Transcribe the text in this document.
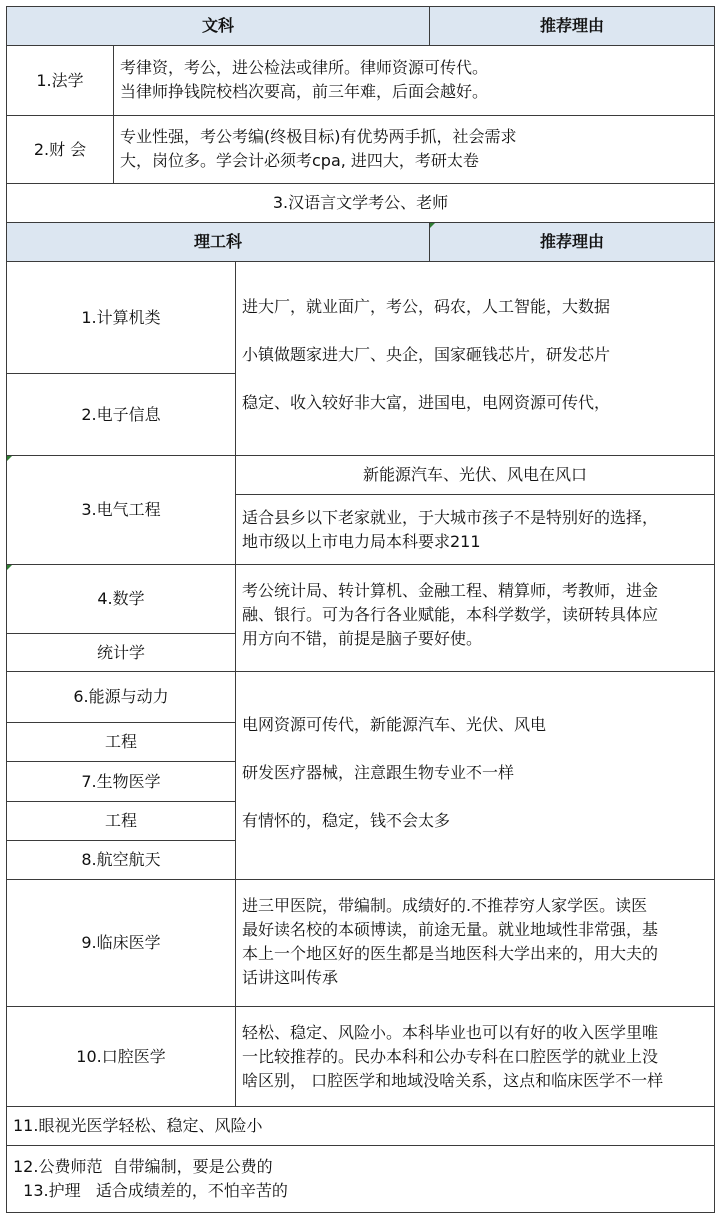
文科	推荐理由
1.法学
考律资，考公，进公检法或律所。律师资源可传代。
当律师挣钱院校档次要高，前三年难，后面会越好。
2.财 会
专业性强，考公考编(终极目标)有优势两手抓，社会需求
大，岗位多。学会计必须考cpa, 进四大，考研太卷
3.汉语言文学考公、老师
理工科	推荐理由
1.计算机类
2.电子信息
进大厂，就业面广，考公，码农，人工智能，大数据
小镇做题家进大厂、央企，国家砸钱芯片，研发芯片
稳定、收入较好非大富，进国电，电网资源可传代，
3.电气工程
新能源汽车、光伏、风电在风口
适合县乡以下老家就业，于大城市孩子不是特别好的选择，
地市级以上市电力局本科要求211
4.数学
统计学
考公统计局、转计算机、金融工程、精算师，考教师，进金
融、银行。可为各行各业赋能，本科学数学，读研转具体应
用方向不错，前提是脑子要好使。
6.能源与动力
工程
7.生物医学
工程
8.航空航天
电网资源可传代，新能源汽车、光伏、风电
研发医疗器械，注意跟生物专业不一样
有情怀的，稳定，钱不会太多
9.临床医学
进三甲医院，带编制。成绩好的.不推荐穷人家学医。读医
最好读名校的本硕博读，前途无量。就业地域性非常强，基
本上一个地区好的医生都是当地医科大学出来的，用大夫的
话讲这叫传承
10.口腔医学
轻松、稳定、风险小。本科毕业也可以有好的收入医学里唯
一比较推荐的。民办本科和公办专科在口腔医学的就业上没
啥区别， 口腔医学和地域没啥关系，这点和临床医学不一样
11.眼视光医学轻松、稳定、风险小
12.公费师范  自带编制，要是公费的
13.护理   适合成绩差的，不怕辛苦的
